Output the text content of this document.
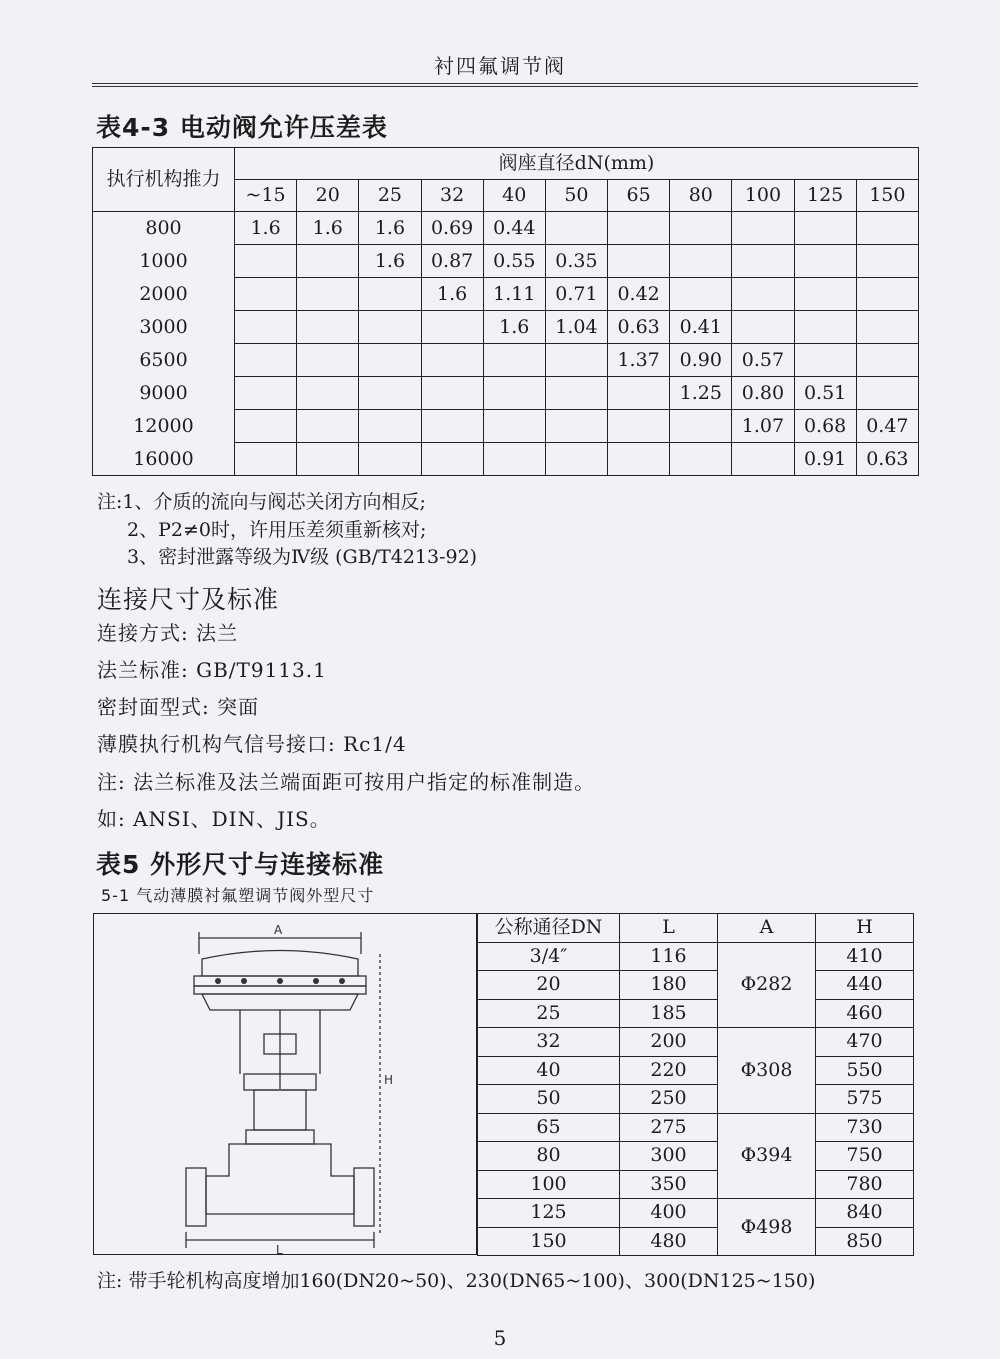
衬四氟调节阀
表4-3 电动阀允许压差表
执行机构推力	阀座直径dN(mm)										
	~15	20	25	32	40	50	65	80	100	125	150
800	1.6	1.6	1.6	0.69	0.44						
1000			1.6	0.87	0.55	0.35					
2000				1.6	1.11	0.71	0.42				
3000					1.6	1.04	0.63	0.41			
6500							1.37	0.90	0.57		
9000								1.25	0.80	0.51	
12000									1.07	0.68	0.47
16000										0.91	0.63
注:1、介质的流向与阀芯关闭方向相反;
2、P2≠0时，许用压差须重新核对;
3、密封泄露等级为Ⅳ级 (GB/T4213-92)
连接尺寸及标准
连接方式: 法兰
法兰标准: GB/T9113.1
密封面型式: 突面
薄膜执行机构气信号接口: Rc1/4
注: 法兰标准及法兰端面距可按用户指定的标准制造。
如: ANSI、DIN、JIS。
表5 外形尺寸与连接标准
5-1 气动薄膜衬氟塑调节阀外型尺寸
A
H
L
公称通径DN	L	A	H
3/4″	116	Φ282	410
20	180		440
25	185		460
32	200	Φ308	470
40	220		550
50	250		575
65	275	Φ394	730
80	300		750
100	350		780
125	400	Φ498	840
150	480		850
注: 带手轮机构高度增加160(DN20~50)、230(DN65~100)、300(DN125~150)
5
